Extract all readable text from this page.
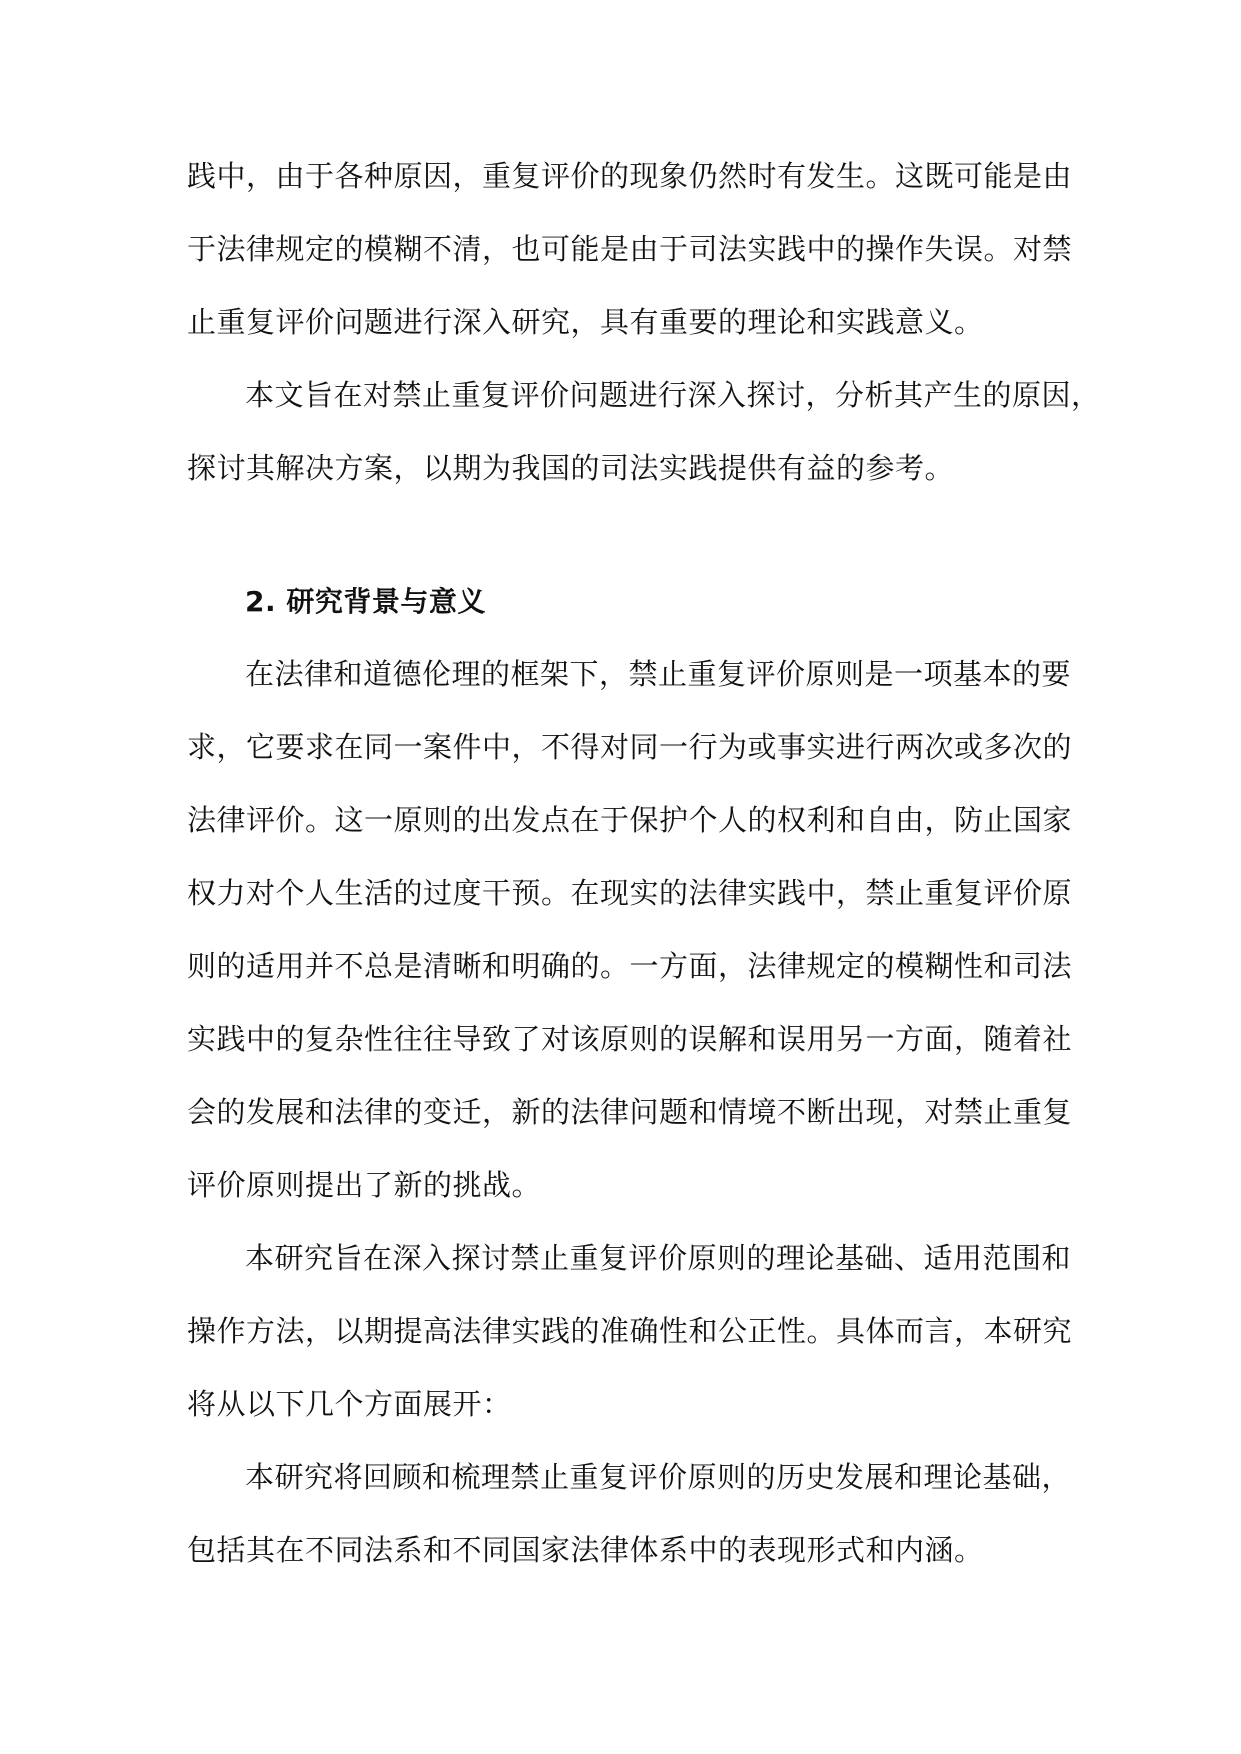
践中，由于各种原因，重复评价的现象仍然时有发生。这既可能是由
于法律规定的模糊不清，也可能是由于司法实践中的操作失误。对禁
止重复评价问题进行深入研究，具有重要的理论和实践意义。
本文旨在对禁止重复评价问题进行深入探讨，分析其产生的原因，
探讨其解决方案，以期为我国的司法实践提供有益的参考。
2. 研究背景与意义
在法律和道德伦理的框架下，禁止重复评价原则是一项基本的要
求，它要求在同一案件中，不得对同一行为或事实进行两次或多次的
法律评价。这一原则的出发点在于保护个人的权利和自由，防止国家
权力对个人生活的过度干预。在现实的法律实践中，禁止重复评价原
则的适用并不总是清晰和明确的。一方面，法律规定的模糊性和司法
实践中的复杂性往往导致了对该原则的误解和误用另一方面，随着社
会的发展和法律的变迁，新的法律问题和情境不断出现，对禁止重复
评价原则提出了新的挑战。
本研究旨在深入探讨禁止重复评价原则的理论基础、适用范围和
操作方法，以期提高法律实践的准确性和公正性。具体而言，本研究
将从以下几个方面展开：
本研究将回顾和梳理禁止重复评价原则的历史发展和理论基础，
包括其在不同法系和不同国家法律体系中的表现形式和内涵。
